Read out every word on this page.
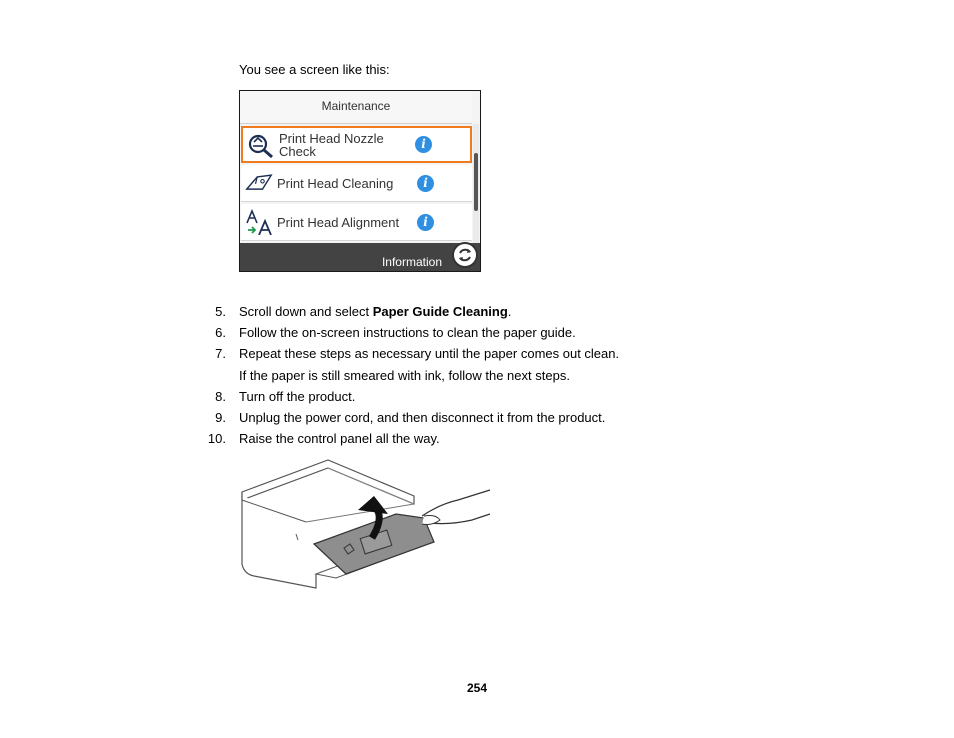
You see a screen like this:
Maintenance
Print Head Nozzle Check	i
Print Head Cleaning	i
Print Head Alignment	i
Information
5. Scroll down and select Paper Guide Cleaning.
6. Follow the on-screen instructions to clean the paper guide.
7. Repeat these steps as necessary until the paper comes out clean.
If the paper is still smeared with ink, follow the next steps.
8. Turn off the product.
9. Unplug the power cord, and then disconnect it from the product.
10. Raise the control panel all the way.
254
